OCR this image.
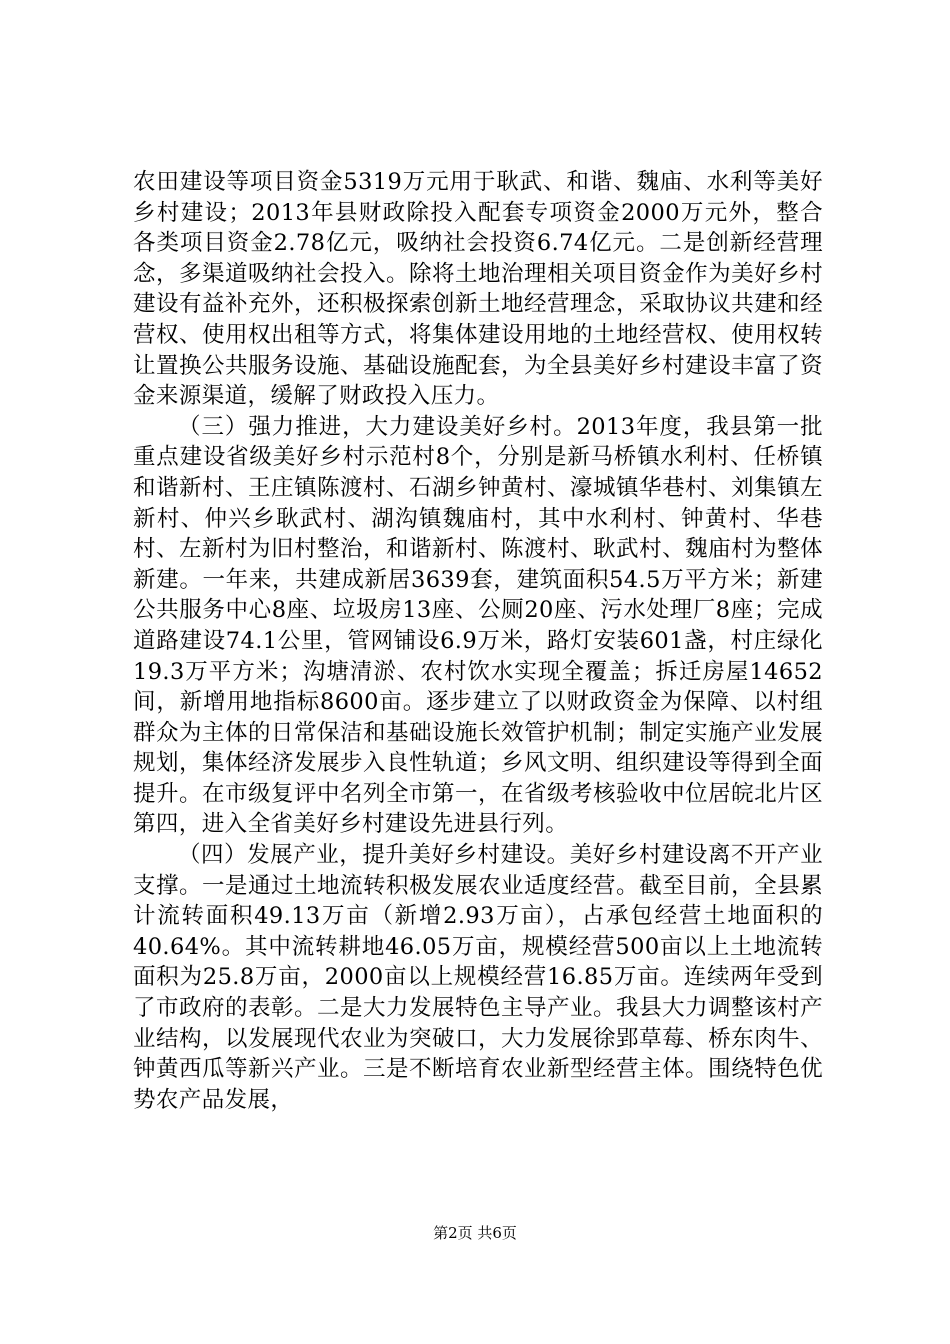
农田建设等项目资金5319万元用于耿武、和谐、魏庙、水利等美好乡村建设；2013年县财政除投入配套专项资金2000万元外，整合各类项目资金2.78亿元，吸纳社会投资6.74亿元。二是创新经营理念，多渠道吸纳社会投入。除将土地治理相关项目资金作为美好乡村建设有益补充外，还积极探索创新土地经营理念，采取协议共建和经营权、使用权出租等方式，将集体建设用地的土地经营权、使用权转让置换公共服务设施、基础设施配套，为全县美好乡村建设丰富了资金来源渠道，缓解了财政投入压力。

（三）强力推进，大力建设美好乡村。2013年度，我县第一批重点建设省级美好乡村示范村8个，分别是新马桥镇水利村、任桥镇和谐新村、王庄镇陈渡村、石湖乡钟黄村、濠城镇华巷村、刘集镇左新村、仲兴乡耿武村、湖沟镇魏庙村，其中水利村、钟黄村、华巷村、左新村为旧村整治，和谐新村、陈渡村、耿武村、魏庙村为整体新建。一年来，共建成新居3639套，建筑面积54.5万平方米；新建公共服务中心8座、垃圾房13座、公厕20座、污水处理厂8座；完成道路建设74.1公里，管网铺设6.9万米，路灯安装601盏，村庄绿化19.3万平方米；沟塘清淤、农村饮水实现全覆盖；拆迁房屋14652间，新增用地指标8600亩。逐步建立了以财政资金为保障、以村组群众为主体的日常保洁和基础设施长效管护机制；制定实施产业发展规划，集体经济发展步入良性轨道；乡风文明、组织建设等得到全面提升。在市级复评中名列全市第一，在省级考核验收中位居皖北片区第四，进入全省美好乡村建设先进县行列。

（四）发展产业，提升美好乡村建设。美好乡村建设离不开产业支撑。一是通过土地流转积极发展农业适度经营。截至目前，全县累计流转面积49.13万亩（新增2.93万亩），占承包经营土地面积的40.64%。其中流转耕地46.05万亩，规模经营500亩以上土地流转面积为25.8万亩，2000亩以上规模经营16.85万亩。连续两年受到了市政府的表彰。二是大力发展特色主导产业。我县大力调整该村产业结构，以发展现代农业为突破口，大力发展徐郢草莓、桥东肉牛、钟黄西瓜等新兴产业。三是不断培育农业新型经营主体。围绕特色优势农产品发展，

第2页 共6页
